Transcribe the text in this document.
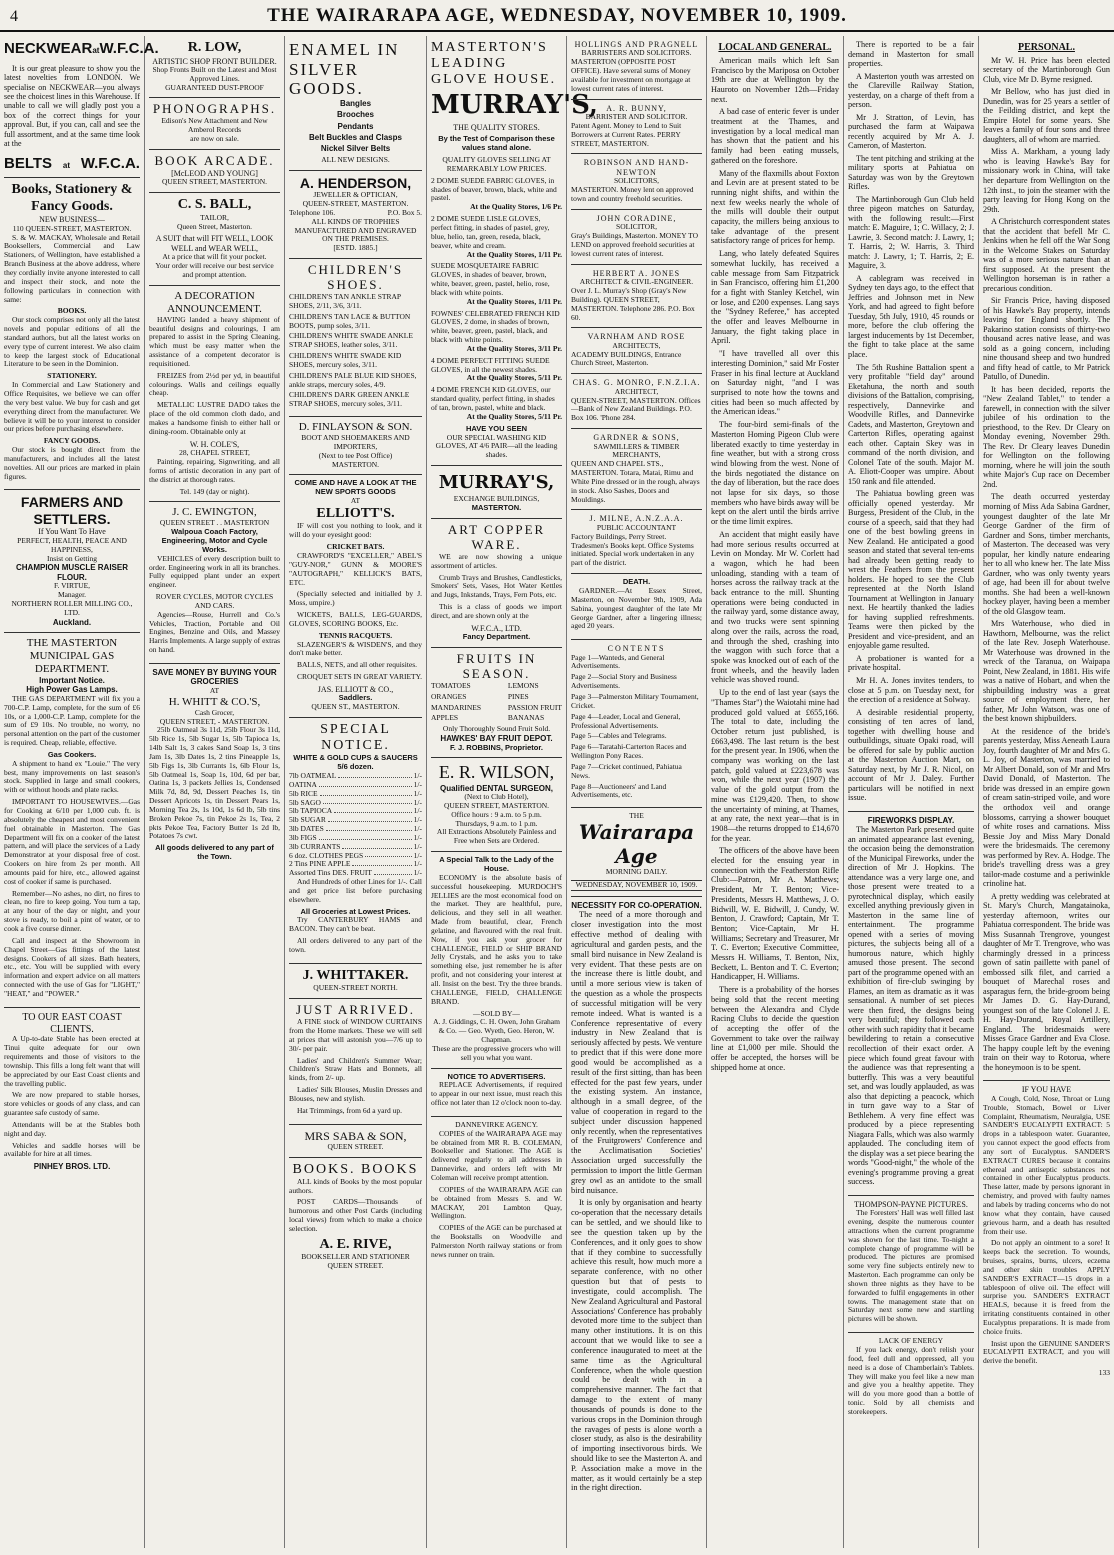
4	THE WAIRARAPA AGE, WEDNESDAY, NOVEMBER 10, 1909.
NECKWEAR at W.F.C.A.

It is our great pleasure to show you the latest novelties from LONDON. We specialise on NECKWEAR—you always see the choicest lines in this Warehouse. If unable to call we will gladly post you a box of the correct things for your approval. But, if you can, call and see the full assortment, and at the same time look at the

BELTS at W.F.C.A.
Books, Stationery & Fancy Goods.
NEW BUSINESS—
110 QUEEN-STREET, MASTERTON.

S. & W. MACKAY, Wholesale and Retail Booksellers, Commercial and Law Stationers, of Wellington, have established a Branch Business at the above address, where they cordially invite anyone interested to call and inspect their stock, and note the following particulars in connection with same:

BOOKS.

Our stock comprises not only all the latest novels and popular editions of all the standard authors, but all the latest works on every type of current interest. We also claim to keep the largest stock of Educational Literature to be seen in the Dominion.

STATIONERY.

In Commercial and Law Stationery and Office Requisites, we believe we can offer the very best value. We buy for cash and get everything direct from the manufacturer. We believe it will be to your interest to consider our prices before purchasing elsewhere.

FANCY GOODS.

Our stock is bought direct from the manufacturers, and includes all the latest novelties. All our prices are marked in plain figures.

FARMERS AND SETTLERS.
If You Want To Have
PERFECT, HEALTH, PEACE AND HAPPINESS,
Insist on Getting
CHAMPION MUSCLE RAISER FLOUR.
F. VIRTUE,
Manager.
NORTHERN ROLLER MILLING CO., LTD.
Auckland.
THE MASTERTON MUNICIPAL GAS DEPARTMENT.
Important Notice.
High Power Gas Lamps.

THE GAS DEPARTMENT will fix you a 700-C.P. Lamp, complete, for the sum of £6 10s, or a 1,000-C.P. Lamp, complete for the sum of £9 10s. No trouble, no worry, no personal attention on the part of the customer is required. Cheap, reliable, effective.

Gas Cookers.

A shipment to hand ex "Louie." The very best, many improvements on last season's stock. Supplied in large and small cookers, with or without hoods and plate racks.

IMPORTANT TO HOUSEWIVES.—Gas for Cooking at 6/10 per 1,000 cub. ft. is absolutely the cheapest and most convenient fuel obtainable in Masterton. The Gas Department will fix on a cooker of the latest pattern, and will place the services of a Lady Demonstrator at your disposal free of cost. Cookers on hire from 2s per month. All amounts paid for hire, etc., allowed against cost of cooker if same is purchased.

Remember—No ashes, no dirt, no fires to clean, no fire to keep going. You turn a tap, at any hour of the day or night, and your stove is ready, to boil a pint of water, or to cook a five course dinner.

Call and inspect at the Showroom in Chapel Street—Gas fittings of the latest designs. Cookers of all sizes. Bath heaters, etc., etc. You will be supplied with every information and expert advice on all matters connected with the use of Gas for "LIGHT," "HEAT," and "POWER."

TO OUR EAST COAST CLIENTS.

A Up-to-date Stable has been erected at Tinui quite adequate for our own requirements and those of visitors to the township. This fills a long felt want that will be appreciated by our East Coast clients and the travelling public.

We are now prepared to stable horses, store vehicles or goods of any class, and can guarantee safe custody of same.

Attendants will be at the Stables both night and day.

Vehicles and saddle horses will be available for hire at all times.

PINHEY BROS. LTD.
R. LOW,
ARTISTIC SHOP FRONT BUILDER.
Shop Fronts Built on the Latest and Most Approved Lines.
GUARANTEED DUST-PROOF
PHONOGRAPHS.
Edison's New Attachment and New Amberol Records
are now on sale.
BOOK ARCADE.
[McLEOD AND YOUNG]
QUEEN STREET, MASTERTON.
C. S. BALL,
TAILOR,
Queen Street, Masterton.
A SUIT that will FIT WELL, LOOK WELL and WEAR WELL,
At a price that will fit your pocket.
Your order will receive our best service and prompt attention.
A DECORATION ANNOUNCEMENT.

HAVING landed a heavy shipment of beautiful designs and colourings, I am prepared to assist in the Spring Cleaning, which must be easy matter when the assistance of a competent decorator is requisitioned.

FREIZES from 2½d per yd, in beautiful colourings. Walls and ceilings equally cheap.

METALLIC LUSTRE DADO takes the place of the old common cloth dado, and makes a handsome finish to either hall or dining-room. Obtainable only at

W. H. COLE'S,
28, CHAPEL STREET,

Painting, repairing, Signwriting, and all forms of artistic decoration in any part of the district at thorough rates.

Tel. 149 (day or night).
J. C. EWINGTON,
QUEEN STREET . . MASTERTON
Walpoua Coach Factory, Engineering, Motor and Cycle Works.

VEHICLES of every description built to order. Engineering work in all its branches. Fully equipped plant under an expert engineer.

ROVER CYCLES, MOTOR CYCLES AND CARS.

Agencies—Rouse, Hurrell and Co.'s Vehicles, Traction, Portable and Oil Engines, Benzine and Oils, and Massey Harris Implements. A large supply of extras on hand.

SAVE MONEY BY BUYING YOUR GROCERIES
AT
H. WHITT & CO.'S,
Cash Grocer,
QUEEN STREET, - MASTERTON.

25lb Oatmeal 3s 11d, 25lb Flour 3s 11d, 5lb Rice 1s, 5lb Sugar 1s, 5lb Tapioca 1s, 14lb Salt 1s, 3 cakes Sand Soap 1s, 3 tins Jam 1s, 3lb Dates 1s, 2 tins Pineapple 1s, 5lb Figs 1s, 3lb Currants 1s, 6lb Flour 1s, 5lb Oatmeal 1s, Soap 1s, 10d, 6d per bar, Oatina 1s, 3 packets Jellies 1s, Condensed Milk 7d, 8d, 9d, Dessert Peaches 1s, tin Dessert Apricots 1s, tin Dessert Pears 1s, Morning Tea 2s, 1s 10d, 1s 6d lb, 5lb tins Broken Pekoe 7s, tin Pekoe 2s 1s, Tea, 2 pkts Pekoe Tea, Factory Butter 1s 2d lb, Potatoes 7s cwt.

All goods delivered to any part of the Town.
ENAMEL IN SILVER GOODS.
Bangles
Brooches
Pendants
Belt Buckles and Clasps
Nickel Silver Belts
ALL NEW DESIGNS.
A. HENDERSON,
JEWELLER & OPTICIAN,
QUEEN-STREET, MASTERTON.
Telephone 106.	P.O. Box 5.
ALL KINDS OF TROPHIES MANUFACTURED AND ENGRAVED ON THE PREMISES.
[ESTD. 1885.]
CHILDREN'S SHOES.
CHILDREN'S TAN ANKLE STRAP SHOES, 2/11, 3/6, 3/11.
CHILDREN'S TAN LACE & BUTTON BOOTS, pump soles, 3/11.
CHILDREN'S WHITE SWADE ANKLE STRAP SHOES, leather soles, 3/11.
CHILDREN'S WHITE SWADE KID SHOES, mercury soles, 3/11.
CHILDREN'S PALE BLUE KID SHOES, ankle straps, mercury soles, 4/9.
CHILDREN'S DARK GREEN ANKLE STRAP SHOES, mercury soles, 3/11.
D. FINLAYSON & SON.
BOOT AND SHOEMAKERS AND IMPORTERS,
(Next to tee Post Office)
MASTERTON.
COME AND HAVE A LOOK AT THE NEW SPORTS GOODS
AT
ELLIOTT'S.

IF will cost you nothing to look, and it will do your eyesight good:

CRICKET BATS.

CRAWFORD'S "EXCELLER," ABEL'S "GUY-NOR," GUNN & MOORE'S "AUTOGRAPH," KELLICK'S BATS, ETC.

(Specially selected and initialled by J. Moss, umpire.)

WICKETS, BALLS, LEG-GUARDS, GLOVES, SCORING BOOKS, Etc.

TENNIS RACQUETS.

SLAZENGER'S & WISDEN'S, and they don't make better.

BALLS, NETS, and all other requisites.

CROQUET SETS IN GREAT VARIETY.

JAS. ELLIOTT & CO.,
Saddlers.
QUEEN ST., MASTERTON.
SPECIAL NOTICE.
WHITE & GOLD CUPS & SAUCERS 5/6 dozen.
7lb OATMEAL	1/-
OATINA	1/-
5lb RICE	1/-
5lb SAGO	1/-
5lb TAPIOCA	1/-
5lb SUGAR	1/-
3lb DATES	1/-
3lb FIGS	1/-
3lb CURRANTS	1/-
6 doz. CLOTHES PEGS	1/-
2 Tins PINE APPLE	1/-
Assorted Tins DES. FRUIT	1/-

And Hundreds of other Lines for 1/-. Call and get price list before purchasing elsewhere.

All Groceries at Lowest Prices.

Try CANTERBURY HAMS and BACON. They can't be beat.

All orders delivered to any part of the town.

J. WHITTAKER.
QUEEN-STREET NORTH.
JUST ARRIVED.

A FINE stock of WINDOW CURTAINS from the Home markets. These we will sell at prices that will astonish you—7/6 up to 30/- per pair.

Ladies' and Children's Summer Wear; Children's Straw Hats and Bonnets, all kinds, from 2/- up.

Ladies' Silk Blouses, Muslin Dresses and Blouses, new and stylish.

Hat Trimmings, from 6d a yard up.

MRS SABA & SON,
QUEEN STREET.
BOOKS. BOOKS

ALL kinds of Books by the most popular authors.

POST CARDS—Thousands of humorous and other Post Cards (including local views) from which to make a choice selection.

A. E. RIVE,
BOOKSELLER AND STATIONER
QUEEN STREET.
MASTERTON'S LEADING GLOVE HOUSE.
MURRAY'S,
THE QUALITY STORES.
By the Test of Comparison these values stand alone.
QUALITY GLOVES SELLING AT REMARKABLY LOW PRICES.
2 DOME SUEDE FABRIC GLOVES, in shades of beaver, brown, black, white and pastel.
At the Quality Stores, 1/6 Pr.
2 DOME SUEDE LISLE GLOVES, perfect fitting, in shades of pastel, grey, blue, helio, tan, green, reseda, black, beaver, white and cream.
At the Quality Stores, 1/11 Pr.
SUEDE MOSQUETAIRE FABRIC GLOVES, in shades of beaver, brown, white, beaver, green, pastel, helio, rose, black with white points.
At the Quality Stores, 1/11 Pr.
FOWNES' CELEBRATED FRENCH KID GLOVES, 2 dome, in shades of brown, white, beaver, green, pastel, black, and black with white points.
At the Quality Stores, 3/11 Pr.
4 DOME PERFECT FITTING SUEDE GLOVES, in all the newest shades.
At the Quality Stores, 5/11 Pr.
4 DOME FRENCH KID GLOVES, our standard quality, perfect fitting, in shades of tan, brown, pastel, white and black.
At the Quality Stores, 5/11 Pr.
HAVE YOU SEEN
OUR SPECIAL WASHING KID GLOVES, AT 4/6 PAIR—all the leading shades.
MURRAY'S,
EXCHANGE BUILDINGS,
MASTERTON.
ART COPPER WARE.

WE are now showing a unique assortment of articles.

Crumb Trays and Brushes, Candlesticks, Smokers' Sets, Vases, Hot Water Kettles and Jugs, Inkstands, Trays, Fern Pots, etc.

This is a class of goods we import direct, and are shown only at the

W.F.C.A., LTD.
Fancy Department.
FRUITS IN SEASON.
TOMATOES
ORANGES
MANDARINES
APPLES
LEMONS
PINES
PASSION FRUIT
BANANAS
Only Thoroughly Sound Fruit Sold.
HAWKES' BAY FRUIT DEPOT.
F. J. ROBBINS, Proprietor.
E. R. WILSON,
Qualified DENTAL SURGEON,
(Next to Club Hotel),
QUEEN STREET, MASTERTON.
Office hours : 9 a.m. to 5 p.m.
Thursdays, 9 a.m. to 1 p.m.
All Extractions Absolutely Painless and Free when Sets are Ordered.
A Special Talk to the Lady of the House.

ECONOMY is the absolute basis of successful housekeeping. MURDOCH'S JELLIES are the most economical food on the market. They are healthful, pure, delicious, and they sell in all weather. Made from beautiful, clear, French gelatine, and flavoured with the real fruit. Now, if you ask your grocer for CHALLENGE, FIELD or SHIP BRAND Jelly Crystals, and he asks you to take something else, just remember he is after profit, and not considering your interest at all. Insist on the best. Try the three brands. CHALLENGE, FIELD, CHALLENGE BRAND.

—SOLD BY—
A. J. Giddings, C. H. Owen, John Graham & Co. — Geo. Wyeth, Geo. Heron, W. Chapman.
These are the progressive grocers who will sell you what you want.
NOTICE TO ADVERTISERS.

REPLACE Advertisements, if required to appear in our next issue, must reach this office not later than 12 o'clock noon to-day.

DANNEVIRKE AGENCY.

COPIES of the WAIRARAPA AGE may be obtained from MR R. B. COLEMAN, Bookseller and Stationer. The AGE is delivered regularly to all addresses in Dannevirke, and orders left with Mr Coleman will receive prompt attention.

COPIES of the WAIRARAPA AGE can be obtained from Messrs S. and W. MACKAY, 201 Lambton Quay, Wellington.

COPIES of the AGE can be purchased at the Bookstalls on Woodville and Palmerston North railway stations or from news runner on train.

HOLLINGS AND PRAGNELL
BARRISTERS AND SOLICITORS.
MASTERTON (OPPOSITE POST OFFICE). Have several sums of Money available for investment on mortgage at lowest current rates of interest.
A. R. BUNNY,
BARRISTER AND SOLICITOR.
Patent Agent. Money to Lend to Suit Borrowers at Current Rates. PERRY STREET, MASTERTON.
ROBINSON AND HAND-NEWTON
SOLICITORS,
MASTERTON. Money lent on approved town and country freehold securities.
JOHN CORADINE,
SOLICITOR,
Gray's Buildings, Masterton. MONEY TO LEND on approved freehold securities at lowest current rates of interest.
HERBERT A. JONES
ARCHITECT & CIVIL-ENGINEER.
Over J. L. Murray's Shop (Gray's New Building). QUEEN STREET, MASTERTON. Telephone 286. P.O. Box 60.
VARNHAM AND ROSE
ARCHITECTS,
ACADEMY BUILDINGS, Entrance Church Street, Masterton.
CHAS. G. MONRO, F.N.Z.I.A.
ARCHITECT,
QUEEN-STREET, MASTERTON. Offices—Bank of New Zealand Buildings. P.O. Box 106. 'Phone 284.
GARDNER & SONS,
SAWMILLERS & TIMBER MERCHANTS,
QUEEN AND CHAPEL STS., MASTERTON. Totara, Matai, Rimu and White Pine dressed or in the rough, always in stock. Also Sashes, Doors and Mouldings.
J. MILNE, A.N.Z.A.A.
PUBLIC ACCOUNTANT
Factory Buildings, Perry Street. Tradesmen's Books kept. Office Systems initiated. Special work undertaken in any part of the district.
DEATH.

GARDNER.—At Essex Street, Masterton, on November 9th, 1909, Ada Sabina, youngest daughter of the late Mr George Gardner, after a lingering illness; aged 20 years.

CONTENTS
Page 1—Wanteds, and General Advertisements.
Page 2—Social Story and Business Advertisements.
Page 3—Palmerston Military Tournament, Cricket.
Page 4—Leader, Local and General, Professional Advertisements.
Page 5—Cables and Telegrams.
Page 6—Taratahi-Carterton Races and Wellington Pony Races.
Page 7—Cricket continued, Pahiatua News.
Page 8—Auctioneers' and Land Advertisements, etc.
THE
Wairarapa Age
MORNING DAILY.
WEDNESDAY, NOVEMBER 10, 1909.
NECESSITY FOR CO-OPERATION.

The need of a more thorough and closer investigation into the most effective method of dealing with agricultural and garden pests, and the small bird nuisance in New Zealand is very evident. That these pests are on the increase there is little doubt, and until a more serious view is taken of the question as a whole the prospects of successful mitigation will be very remote indeed. What is wanted is a Conference representative of every industry in New Zealand that is seriously affected by pests. We venture to predict that if this were done more good would be accomplished as a result of the first sitting, than has been effected for the past few years, under the existing system. An instance, although in a small degree, of the value of cooperation in regard to the subject under discussion happened only recently, when the representatives of the Fruitgrowers' Conference and the Acclimatisation Societies' Association urged successfully the permission to import the little German grey owl as an antidote to the small bird nuisance.

It is only by organisation and hearty co-operation that the necessary details can be settled, and we should like to see the question taken up by the Conferences, and it only goes to show that if they combine to successfully achieve this result, how much more a separate conference, with no other question but that of pests to investigate, could accomplish. The New Zealand Agricultural and Pastoral Associations' Conference has probably devoted more time to the subject than many other institutions. It is on this account that we would like to see a conference inaugurated to meet at the same time as the Agricultural Conference, when the whole question could be dealt with in a comprehensive manner. The fact that damage to the extent of many thousands of pounds is done to the various crops in the Dominion through the ravages of pests is alone worth a closer study, as also is the desirability of importing insectivorous birds. We should like to see the Masterton A. and P. Association make a move in the matter, as it would certainly be a step in the right direction.

LOCAL AND GENERAL.

American mails which left San Francisco by the Mariposa on October 19th are due at Wellington by the Hauroto on November 12th—Friday next.

A bad case of enteric fever is under treatment at the Thames, and investigation by a local medical man has shown that the patient and his family had been eating mussels, gathered on the foreshore.

Many of the flaxmills about Foxton and Levin are at present stated to be running night shifts, and within the next few weeks nearly the whole of the mills will double their output capacity, the millers being anxious to take advantage of the present satisfactory range of prices for hemp.

Lang, who lately defeated Squires somewhat luckily, has received a cable message from Sam Fitzpatrick in San Francisco, offering him £1,200 for a fight with Stanley Ketchel, win or lose, and £200 expenses. Lang says the "Sydney Referee," has accepted the offer and leaves Melbourne in January, the fight taking place in April.

"I have travelled all over this interesting Dominion," said Mr Foster Fraser in his final lecture at Auckland on Saturday night, "and I was surprised to note how the towns and cities had been so much affected by the American ideas."

The four-bird semi-finals of the Masterton Homing Pigeon Club were liberated exactly to time yesterday in fine weather, but with a strong cross wind blowing from the west. None of the birds negotiated the distance on the day of liberation, but the race does not lapse for six days, so those members who have birds away will be kept on the alert until the birds arrive or the time limit expires.

An accident that might easily have had more serious results occurred at Levin on Monday. Mr W. Corlett had a wagon, which he had been unloading, standing with a team of horses across the railway track at the back entrance to the mill. Shunting operations were being conducted in the railway yard, some distance away, and two trucks were sent spinning along over the rails, across the road, and through the shed, crashing into the waggon with such force that a spoke was knocked out of each of the front wheels, and the heavily laden vehicle was shoved round.

Up to the end of last year (says the "Thames Star") the Waiotahi mine had produced gold valued at £655,166. The total to date, including the October return just published, is £663,498. The last return is the best for the present year. In 1906, when the company was working on the last patch, gold valued at £223,678 was won, while the next year (1907) the value of the gold output from the mine was £129,420. Then, to show the uncertainty of mining, at Thames, at any rate, the next year—that is in 1908—the returns dropped to £14,670 for the year.

The officers of the above have been elected for the ensuing year in connection with the Featherston Rifle Club:—Patron, Mr A. Matthews; President, Mr T. Benton; Vice-Presidents, Messrs H. Matthews, J. O. Bidwill, W. E. Bidwill, J. Cundy, W. Benton, J. Crawford; Captain, Mr T. Benton; Vice-Captain, Mr H. Williams; Secretary and Treasurer, Mr T. C. Everton; Executive Committee, Messrs H. Williams, T. Benton, Nix, Beckett, L. Benton and T. C. Everton; Handicapper, H. Williams.

There is a probability of the horses being sold that the recent meeting between the Alexandra and Clyde Racing Clubs to decide the question of accepting the offer of the Government to take over the railway line at £1,000 per mile. Should the offer be accepted, the horses will be shipped home at once.

There is reported to be a fair demand in Masterton for small properties.

A Masterton youth was arrested on the Clareville Railway Station, yesterday, on a charge of theft from a person.

Mr J. Stratton, of Levin, has purchased the farm at Waipawa recently acquired by Mr A. J. Cameron, of Masterton.

The tent pitching and striking at the military sports at Pahiatua on Saturday was won by the Greytown Rifles.

The Martinborough Gun Club held three pigeon matches on Saturday, with the following result:—First match: E. Maguire, 1; C. Willacy, 2; J. Lawrie, 3. Second match: J. Lawry, 1; T. Harris, 2; W. Harris, 3. Third match: J. Lawry, 1; T. Harris, 2; E. Maguire, 3.

A cablegram was received in Sydney ten days ago, to the effect that Jeffries and Johnson met in New York, and had agreed to fight before Tuesday, 5th July, 1910, 45 rounds or more, before the club offering the largest inducements by 1st December, the fight to take place at the same place.

The 5th Rushine Battalion spent a very profitable "field day" around Eketahuna, the north and south divisions of the Battalion, comprising, respectively, Dannevirke and Woodville Rifles, and Dannevirke Cadets, and Masterton, Greytown and Carterton Rifles, operating against each other. Captain Skey was in command of the north division, and Colonel Tate of the south. Major M. A. Eliott-Cooper was umpire. About 150 rank and file attended.

The Pahiatua bowling green was officially opened yesterday. Mr Burgess, President of the Club, in the course of a speech, said that they had one of the best bowling greens in New Zealand. He anticipated a good season and stated that several ten-ems had already been getting ready to wrest the Feathers from the present holders. He hoped to see the Club represented at the North Island Tournament at Wellington in January next. He heartily thanked the ladies for having supplied refreshments. Teams were then picked by the President and vice-president, and an enjoyable game resulted.

A probationer is wanted for a private hospital.

Mr H. A. Jones invites tenders, to close at 5 p.m. on Tuesday next, for the erection of a residence at Solway.

A desirable residential property, consisting of ten acres of land, together with dwelling house and outbuildings, situate Opaki road, will be offered for sale by public auction at the Masterton Auction Mart, on Saturday next, by Mr J. R. Nicol, on account of Mr J. Daley. Further particulars will be notified in next issue.

FIREWORKS DISPLAY.

The Masterton Park presented quite an animated appearance last evening, the occasion being the demonstration of the Municipal Fireworks, under the direction of Mr J. Hopkins. The attendance was a very large one, and those present were treated to a pyrotechnical display, which easily excelled anything previously given in Masterton in the same line of entertainment. The programme opened with a series of moving pictures, the subjects being all of a humorous nature, which highly amused those present. The second part of the programme opened with an exhibition of fire-club swinging by Flames, an item as dramatic as it was sensational. A number of set pieces were then fired, the designs being very beautiful; they followed each other with such rapidity that it became bewildering to retain a consecutive recollection of their exact order. A piece which found great favour with the audience was that representing a butterfly. This was a very beautiful set, and was loudly applauded, as was also that depicting a peacock, which in turn gave way to a Star of Bethlehem. A very fine effect was produced by a piece representing Niagara Falls, which was also warmly applauded. The concluding item of the display was a set piece bearing the words "Good-night," the whole of the evening's programme proving a great success.

THOMPSON-PAYNE PICTURES.

The Foresters' Hall was well filled last evening, despite the numerous counter attractions when the current programme was shown for the last time. To-night a complete change of programme will be produced. The pictures are promised some very fine subjects entirely new to Masterton. Each programme can only be shown three nights as they have to be forwarded to fulfil engagements in other towns. The management state that on Saturday next some new and startling pictures will be shown.

LACK OF ENERGY

If you lack energy, don't relish your food, feel dull and oppressed, all you need is a dose of Chamberlain's Tablets. They will make you feel like a new man and give you a healthy appetite. They will do you more good than a bottle of tonic. Sold by all chemists and storekeepers.

PERSONAL.

Mr W. H. Price has been elected secretary of the Martinborough Gun Club, vice Mr D. Byrne resigned.

Mr Bellow, who has just died in Dunedin, was for 25 years a settler of the Feilding district, and kept the Empire Hotel for some years. She leaves a family of four sons and three daughters, all of whom are married.

Miss A. Markham, a young lady who is leaving Hawke's Bay for missionary work in China, will take her departure from Wellington on the 12th inst., to join the steamer with the party leaving for Hong Kong on the 29th.

A Christchurch correspondent states that the accident that befell Mr C. Jenkins when he fell off the War Song in the Welcome Stakes on Saturday was of a more serious nature than at first supposed. At the present the Wellington horseman is in rather a precarious condition.

Sir Francis Price, having disposed of his Hawke's Bay property, intends leaving for England shortly. The Pakarino station consists of thirty-two thousand acres native lease, and was sold as a going concern, including nine thousand sheep and two hundred and fifty head of cattle, to Mr Patrick Patullo, of Dunedin.

It has been decided, reports the "New Zealand Tablet," to tender a farewell, in connection with the silver jubilee of his ordination to the priesthood, to the Rev. Dr Cleary on Monday evening, November 29th. The Rev. Dr Cleary leaves Dunedin for Wellington on the following morning, where he will join the south white Major's Cup race on December 2nd.

The death occurred yesterday morning of Miss Ada Sabina Gardner, youngest daughter of the late Mr George Gardner of the firm of Gardner and Sons, timber merchants, of Masterton. The deceased was very popular, her kindly nature endearing her to all who knew her. The late Miss Gardner, who was only twenty years of age, had been ill for about twelve months. She had been a well-known hockey player, having been a member of the old Glasgow team.

Mrs Waterhouse, who died in Hawthorn, Melbourne, was the relict of the late Rev. Joseph Waterhouse. Mr Waterhouse was drowned in the wreck of the Taranua, on Waipapa Point, New Zealand, in 1881. His wife was a native of Hobart, and when the shipbuilding industry was a great source of employment there, her father, Mr John Watson, was one of the best known shipbuilders.

At the residence of the bride's parents yesterday, Miss Aeneath Laura Joy, fourth daughter of Mr and Mrs G. L. Joy, of Masterton, was married to Mr Albert Donald, son of Mr and Mrs David Donald, of Masterton. The bride was dressed in an empire gown of cream satin-striped voile, and wore the orthodox veil and orange blossoms, carrying a shower bouquet of white roses and carnations. Miss Bessie Joy and Miss Mary Donald were the bridesmaids. The ceremony was performed by Rev. A. Hodge. The bride's travelling dress was a grey tailor-made costume and a periwinkle crinoline hat.

A pretty wedding was celebrated at St. Mary's Church, Mangatainoka, yesterday afternoon, writes our Pahiatua correspondent. The bride was Miss Susannah Trengrove, youngest daughter of Mr T. Trengrove, who was charmingly dressed in a princess gown of satin paillette with panel of embossed silk filet, and carried a bouquet of Marechal roses and asparagus fern, the bride-groom being Mr James D. G. Hay-Durand, youngest son of the late Colonel J. E. H. Hay-Durand, Royal Artillery, England. The bridesmaids were Misses Grace Gardner and Eva Close. The happy couple left by the evening train on their way to Rotorua, where the honeymoon is to be spent.

IF YOU HAVE

A Cough, Cold, Nose, Throat or Lung Trouble, Stomach, Bowel or Liver Complaint, Rheumatism, Neuralgia, USE SANDER'S EUCALYPTI EXTRACT: 5 drops in a tablespoon water. Guarantee, you cannot expect the good effects from any sort of Eucalyptus. SANDER'S EXTRACT CURES because it contains ethereal and antiseptic substances not contained in other Eucalyptus products. These latter, made by persons ignorant in chemistry, and proved with faulty names and labels by trading concerns who do not know what they contain, have caused grievous harm, and a death has resulted from their use.

Do not apply an ointment to a sore! It keeps back the secretion. To wounds, bruises, sprains, burns, ulcers, eczema and other skin troubles APPLY SANDER'S EXTRACT—15 drops in a tablespoon of olive oil. The effect will surprise you. SANDER'S EXTRACT HEALS, because it is freed from the irritating constituents contained in other Eucalyptus preparations. It is made from choice fruits.

Insist upon the GENUINE SANDER'S EUCALYPTI EXTRACT, and you will derive the benefit.

133
